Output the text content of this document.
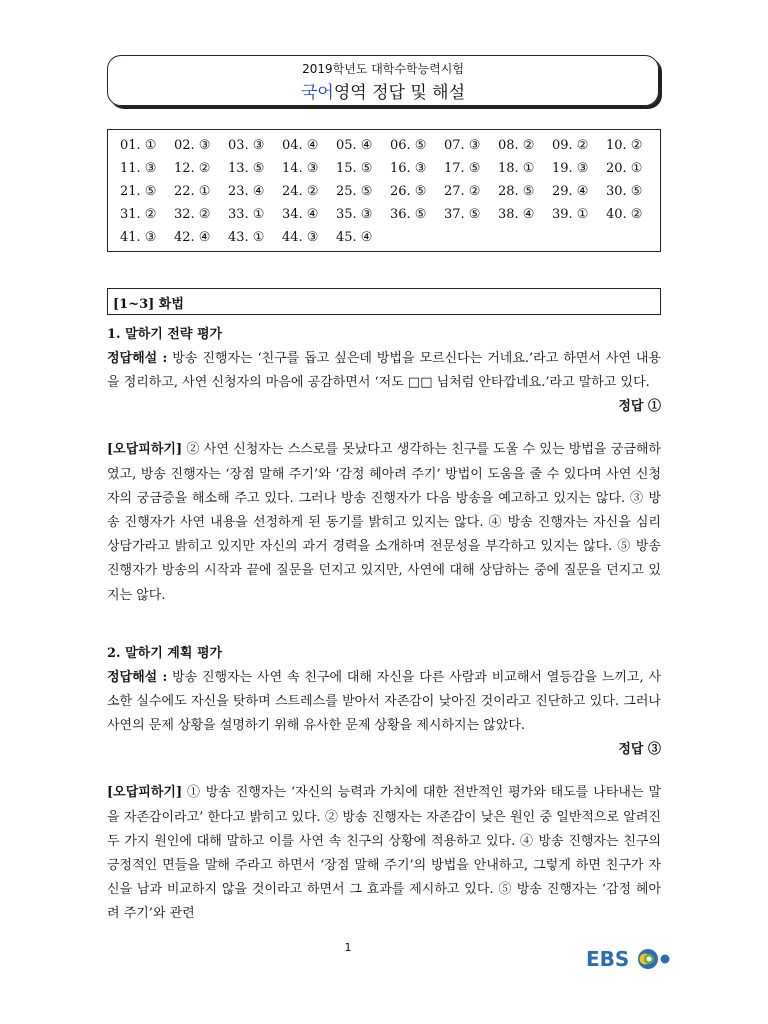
2019학년도 대학수학능력시험
국어영역 정답 및 해설
01. ①	02. ③	03. ③	04. ④	05. ④	06. ⑤	07. ③	08. ②	09. ②	10. ②
11. ③	12. ②	13. ⑤	14. ③	15. ⑤	16. ③	17. ⑤	18. ①	19. ③	20. ①
21. ⑤	22. ①	23. ④	24. ②	25. ⑤	26. ⑤	27. ②	28. ⑤	29. ④	30. ⑤
31. ②	32. ②	33. ①	34. ④	35. ③	36. ⑤	37. ⑤	38. ④	39. ①	40. ②
41. ③	42. ④	43. ①	44. ③	45. ④
[1~3] 화법
1. 말하기 전략 평가

정답해설 : 방송 진행자는 ‘친구를 돕고 싶은데 방법을 모르신다는 거네요.’라고 하면서 사연 내용을 정리하고, 사연 신청자의 마음에 공감하면서 ‘저도 □□ 님처럼 안타깝네요.’라고 말하고 있다.

정답 ①

[오답피하기] ② 사연 신청자는 스스로를 못났다고 생각하는 친구를 도울 수 있는 방법을 궁금해하였고, 방송 진행자는 ‘장점 말해 주기’와 ‘감정 헤아려 주기’ 방법이 도움을 줄 수 있다며 사연 신청자의 궁금증을 해소해 주고 있다. 그러나 방송 진행자가 다음 방송을 예고하고 있지는 않다. ③ 방송 진행자가 사연 내용을 선정하게 된 동기를 밝히고 있지는 않다. ④ 방송 진행자는 자신을 심리 상담가라고 밝히고 있지만 자신의 과거 경력을 소개하며 전문성을 부각하고 있지는 않다. ⑤ 방송 진행자가 방송의 시작과 끝에 질문을 던지고 있지만, 사연에 대해 상담하는 중에 질문을 던지고 있지는 않다.

2. 말하기 계획 평가

정답해설 : 방송 진행자는 사연 속 친구에 대해 자신을 다른 사람과 비교해서 열등감을 느끼고, 사소한 실수에도 자신을 탓하며 스트레스를 받아서 자존감이 낮아진 것이라고 진단하고 있다. 그러나 사연의 문제 상황을 설명하기 위해 유사한 문제 상황을 제시하지는 않았다.

정답 ③

[오답피하기] ① 방송 진행자는 ‘자신의 능력과 가치에 대한 전반적인 평가와 태도를 나타내는 말을 자존감이라고’ 한다고 밝히고 있다. ② 방송 진행자는 자존감이 낮은 원인 중 일반적으로 알려진 두 가지 원인에 대해 말하고 이를 사연 속 친구의 상황에 적용하고 있다. ④ 방송 진행자는 친구의 긍정적인 면들을 말해 주라고 하면서 ‘장점 말해 주기’의 방법을 안내하고, 그렇게 하면 친구가 자신을 남과 비교하지 않을 것이라고 하면서 그 효과를 제시하고 있다. ⑤ 방송 진행자는 ‘감정 헤아려 주기’와 관련

1	EBS
